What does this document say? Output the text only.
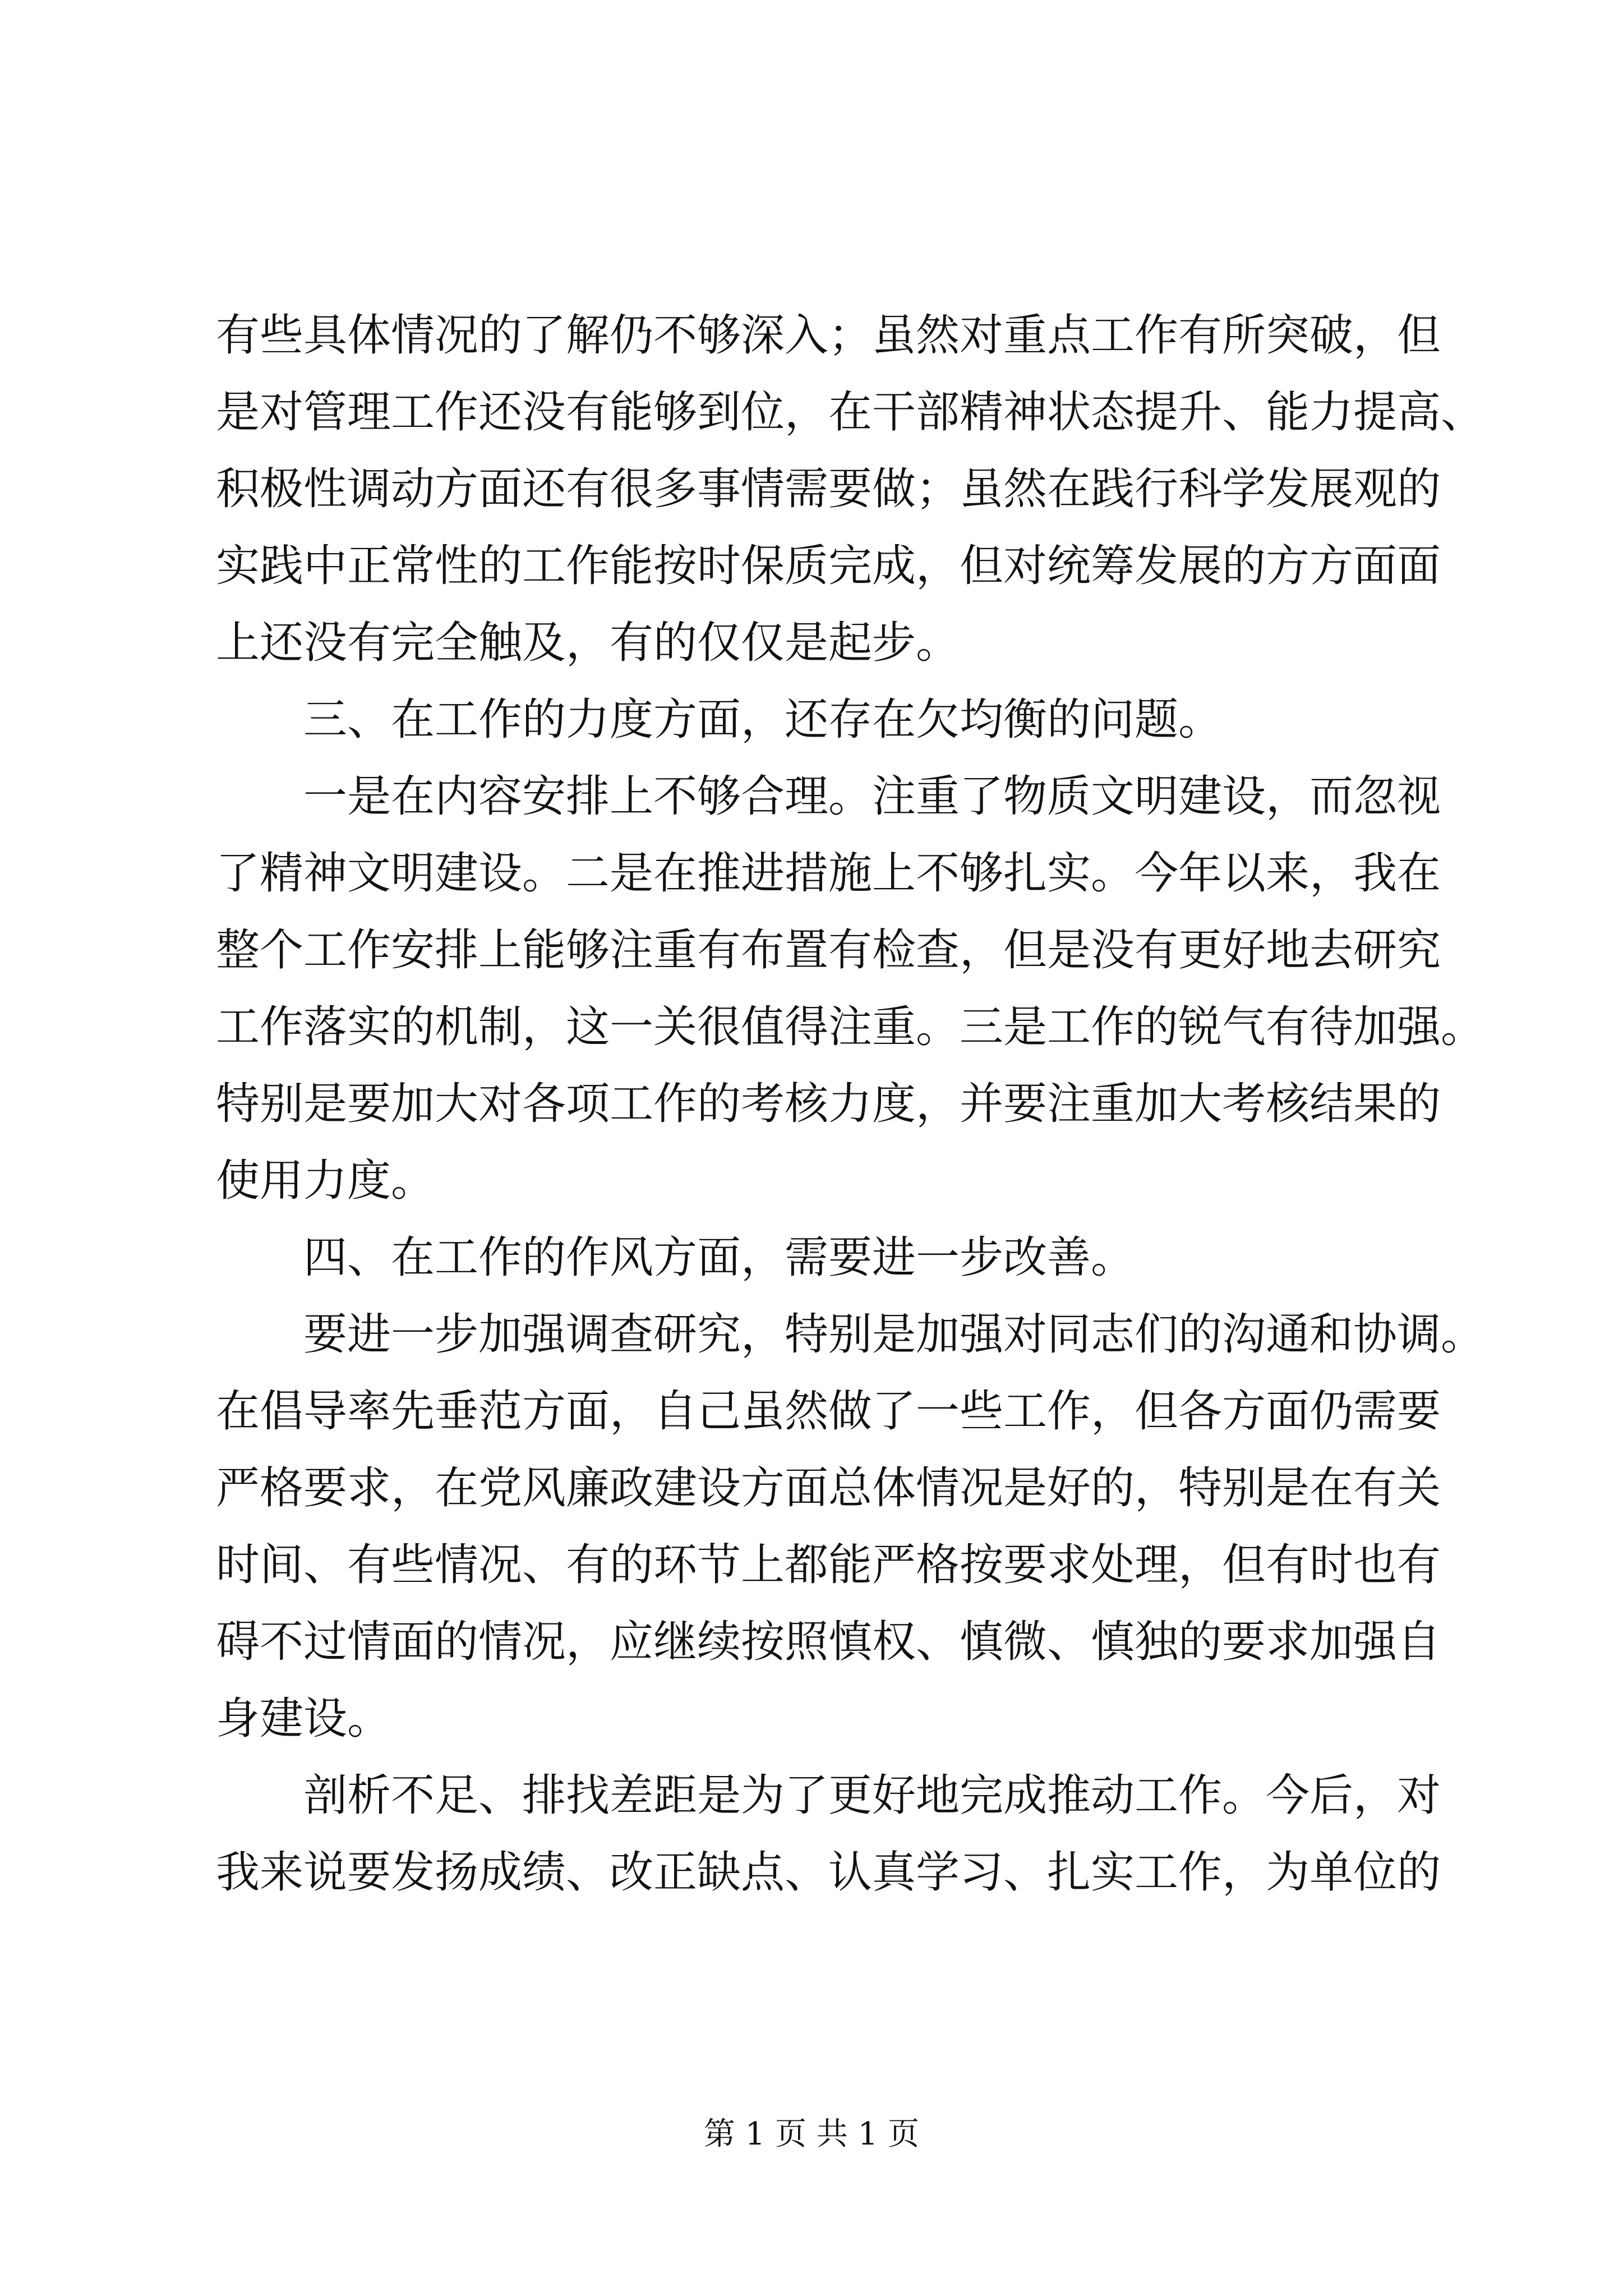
有些具体情况的了解仍不够深入；虽然对重点工作有所突破，但
是对管理工作还没有能够到位，在干部精神状态提升、能力提高、
积极性调动方面还有很多事情需要做；虽然在践行科学发展观的
实践中正常性的工作能按时保质完成，但对统筹发展的方方面面
上还没有完全触及，有的仅仅是起步。
三、在工作的力度方面，还存在欠均衡的问题。
一是在内容安排上不够合理。注重了物质文明建设，而忽视
了精神文明建设。二是在推进措施上不够扎实。今年以来，我在
整个工作安排上能够注重有布置有检查，但是没有更好地去研究
工作落实的机制，这一关很值得注重。三是工作的锐气有待加强。
特别是要加大对各项工作的考核力度，并要注重加大考核结果的
使用力度。
四、在工作的作风方面，需要进一步改善。
要进一步加强调查研究，特别是加强对同志们的沟通和协调。
在倡导率先垂范方面，自己虽然做了一些工作，但各方面仍需要
严格要求，在党风廉政建设方面总体情况是好的，特别是在有关
时间、有些情况、有的环节上都能严格按要求处理，但有时也有
碍不过情面的情况，应继续按照慎权、慎微、慎独的要求加强自
身建设。
剖析不足、排找差距是为了更好地完成推动工作。今后，对
我来说要发扬成绩、改正缺点、认真学习、扎实工作，为单位的
第 1 页 共 1 页
